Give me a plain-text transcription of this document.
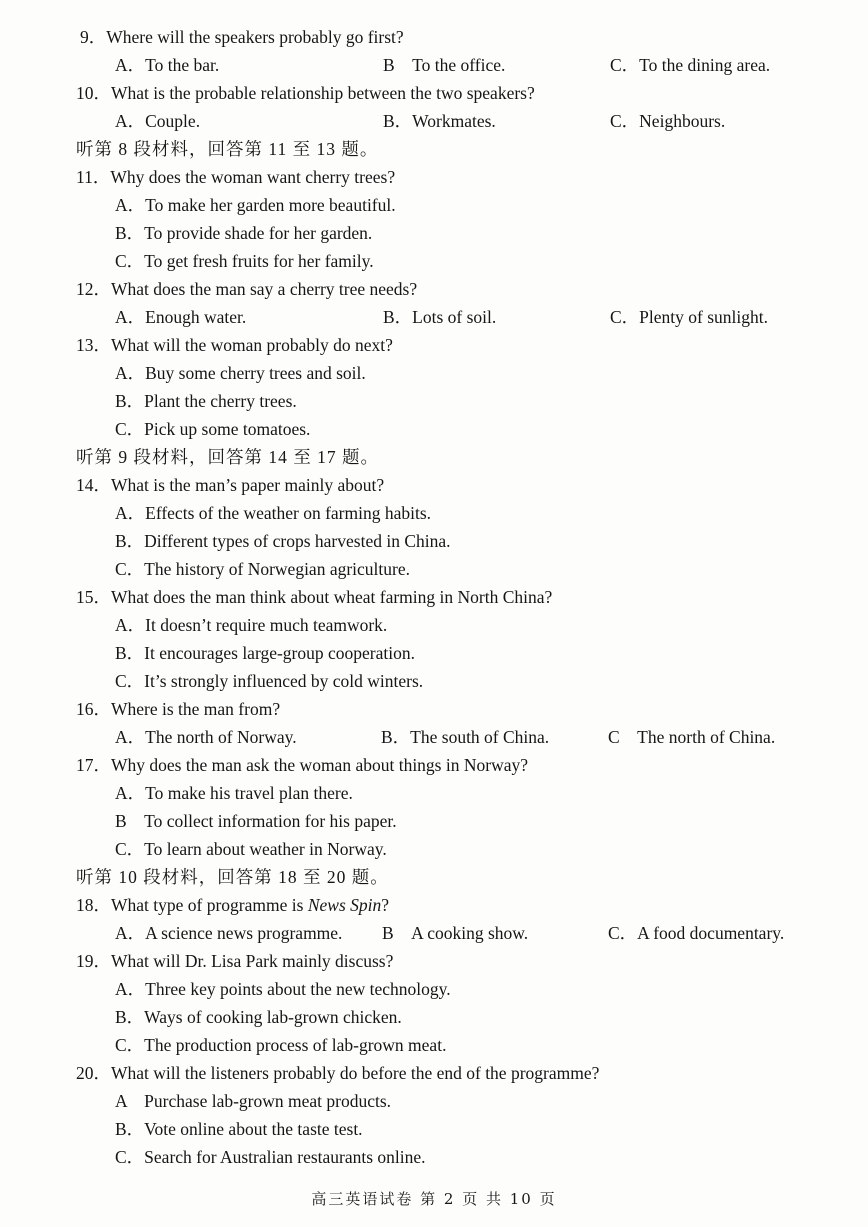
9．Where will the speakers probably go first?
A．To the bar.	B　To the office.	C．To the dining area.
10．What is the probable relationship between the two speakers?
A．Couple.	B．Workmates.	C．Neighbours.
听第 8 段材料，回答第 11 至 13 题。
11．Why does the woman want cherry trees?
A．To make her garden more beautiful.
B．To provide shade for her garden.
C．To get fresh fruits for her family.
12．What does the man say a cherry tree needs?
A．Enough water.	B．Lots of soil.	C．Plenty of sunlight.
13．What will the woman probably do next?
A．Buy some cherry trees and soil.
B．Plant the cherry trees.
C．Pick up some tomatoes.
听第 9 段材料，回答第 14 至 17 题。
14．What is the man’s paper mainly about?
A．Effects of the weather on farming habits.
B．Different types of crops harvested in China.
C．The history of Norwegian agriculture.
15．What does the man think about wheat farming in North China?
A．It doesn’t require much teamwork.
B．It encourages large-group cooperation.
C．It’s strongly influenced by cold winters.
16．Where is the man from?
A．The north of Norway.	B．The south of China.	C　The north of China.
17．Why does the man ask the woman about things in Norway?
A．To make his travel plan there.
B　To collect information for his paper.
C．To learn about weather in Norway.
听第 10 段材料，回答第 18 至 20 题。
18．What type of programme is News Spin?
A．A science news programme. B　A cooking show.	C．A food documentary.
19．What will Dr. Lisa Park mainly discuss?
A．Three key points about the new technology.
B．Ways of cooking lab-grown chicken.
C．The production process of lab-grown meat.
20．What will the listeners probably do before the end of the programme?
A　Purchase lab-grown meat products.
B．Vote online about the taste test.
C．Search for Australian restaurants online.
高三英语试卷 第 2 页 共 10 页
